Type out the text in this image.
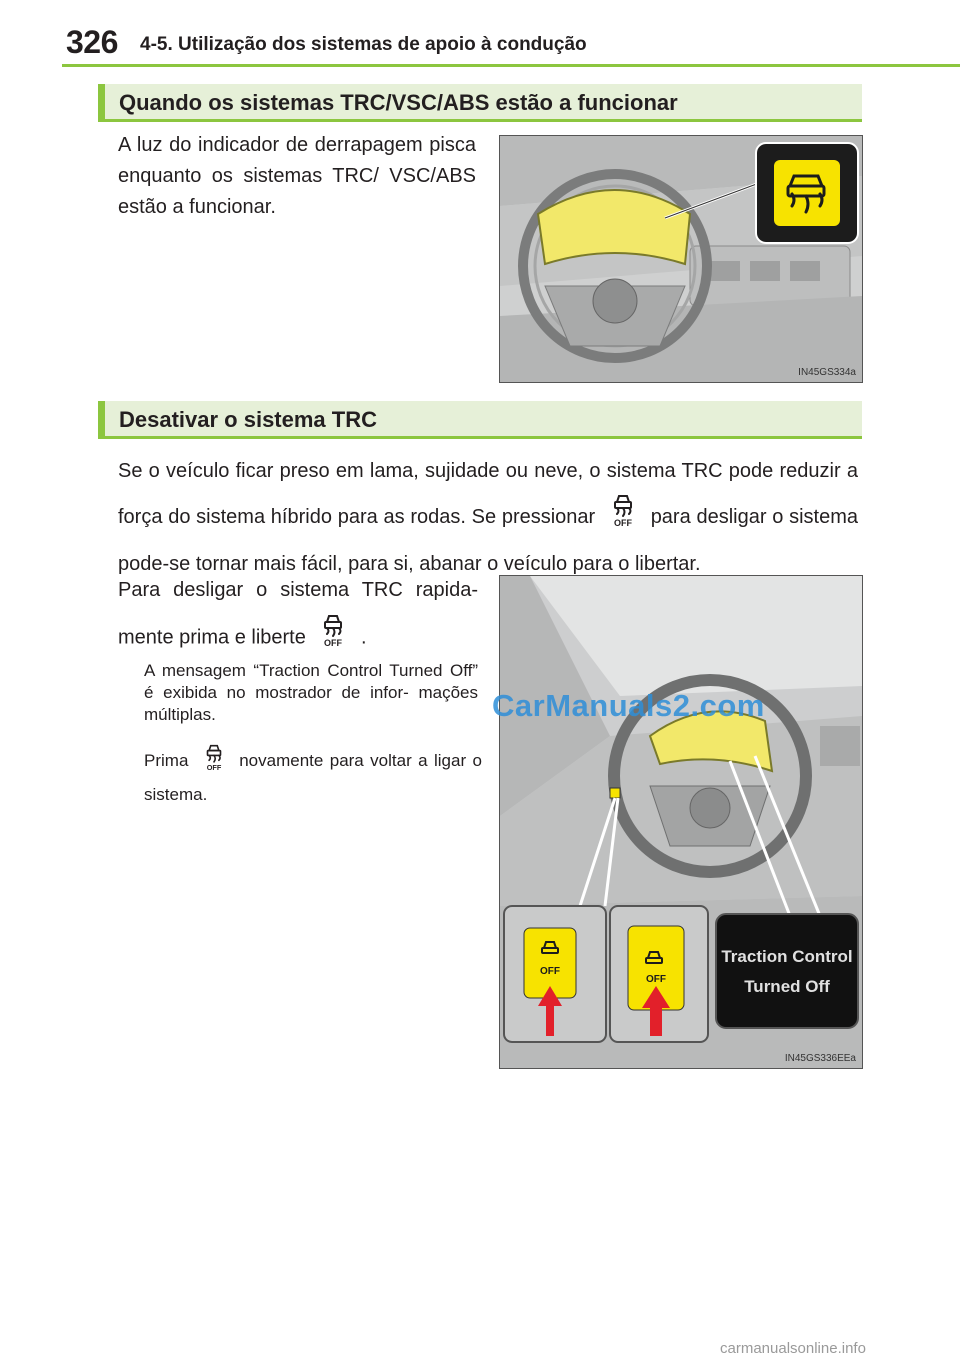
326 4-5. Utilização dos sistemas de apoio à condução
Quando os sistemas TRC/VSC/ABS estão a funcionar
A luz do indicador de derrapagem pisca enquanto os sistemas TRC/ VSC/ABS estão a funcionar.
IN45GS334a
Desativar o sistema TRC
Se o veículo ficar preso em lama, sujidade ou neve, o sistema TRC pode reduzir a força do sistema híbrido para as rodas. Se pressionar OFF para desligar o sistema pode-se tornar mais fácil, para si, abanar o veículo para o libertar.
Para desligar o sistema TRC rapida- mente prima e liberte OFF .
A mensagem “Traction Control Turned Off” é exibida no mostrador de infor- mações múltiplas.
Prima OFF novamente para voltar a ligar o sistema.
OFF
OFF
Traction Control
Turned Off
IN45GS336EEa
CarManuals2.com
carmanualsonline.info
